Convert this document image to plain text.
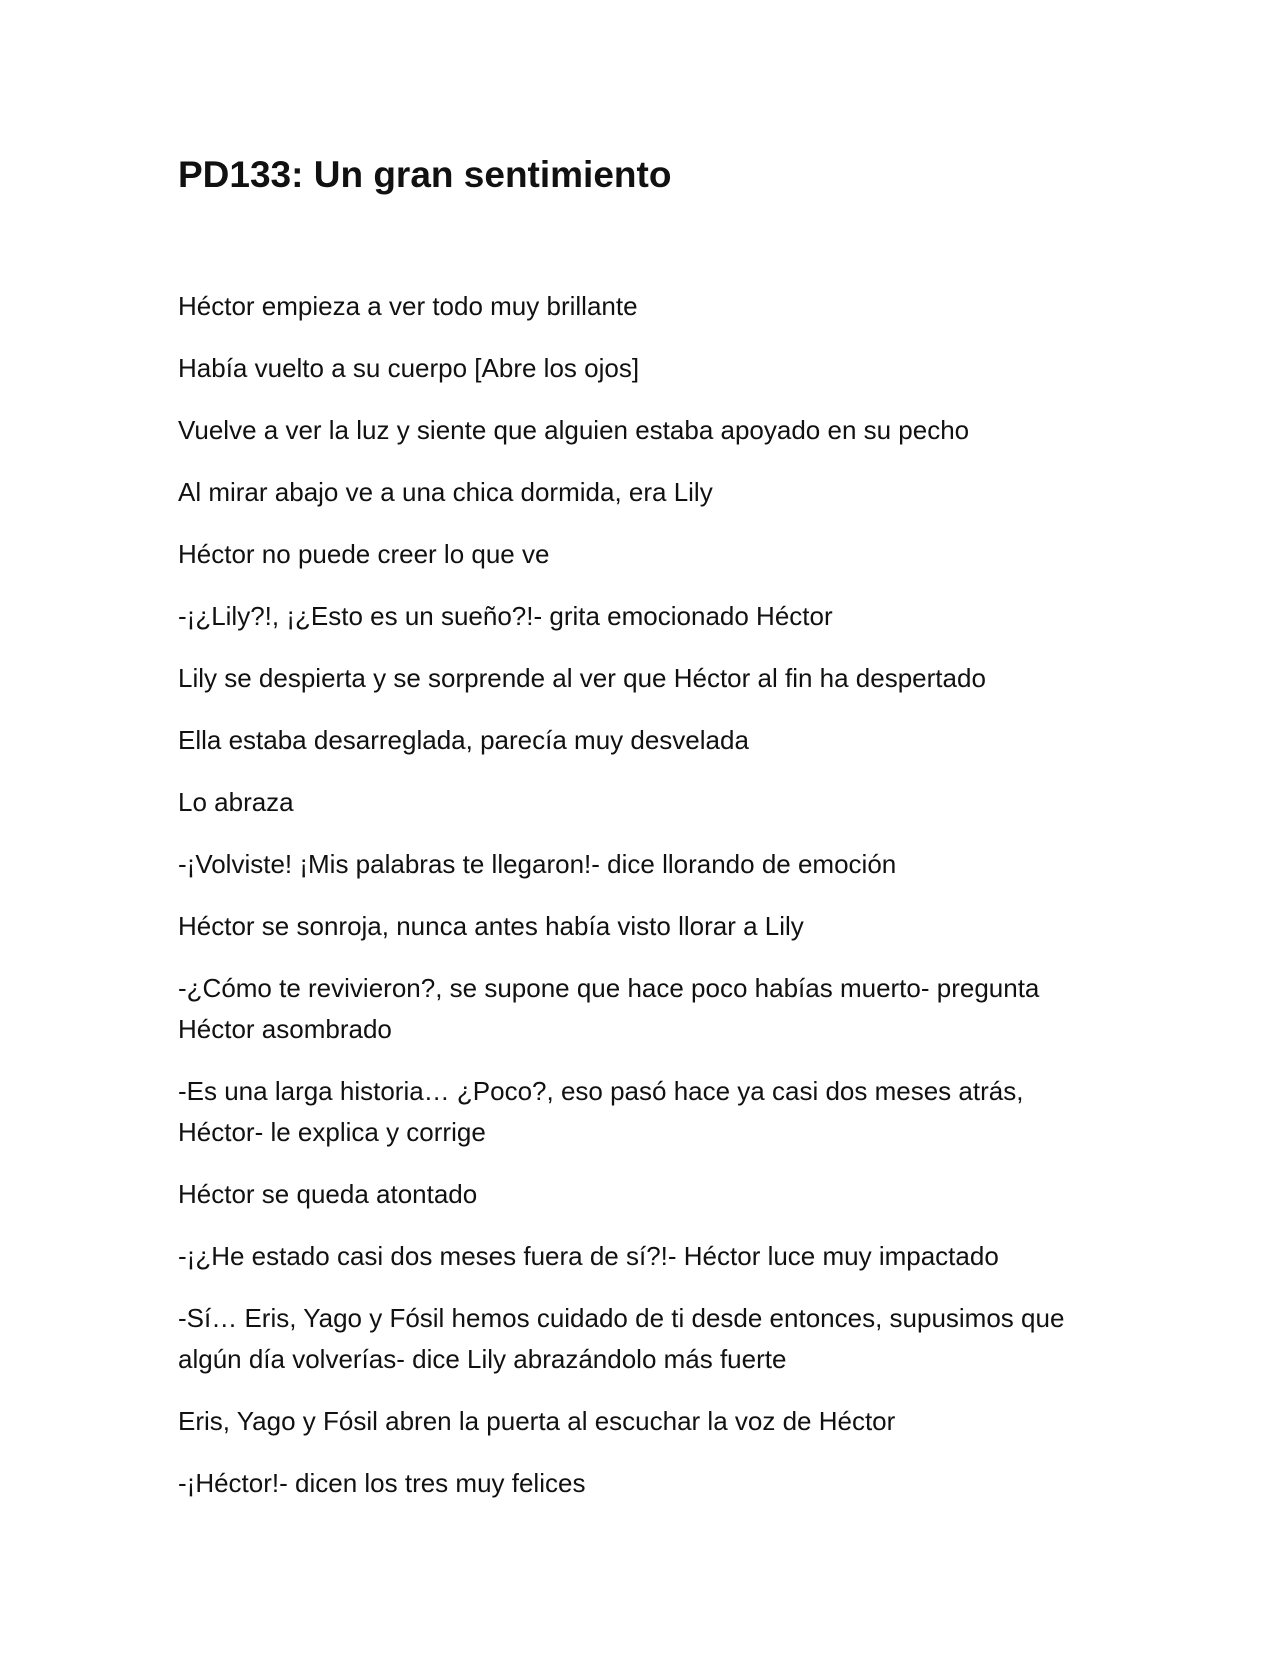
PD133: Un gran sentimiento

Héctor empieza a ver todo muy brillante

Había vuelto a su cuerpo [Abre los ojos]

Vuelve a ver la luz y siente que alguien estaba apoyado en su pecho

Al mirar abajo ve a una chica dormida, era Lily

Héctor no puede creer lo que ve

-¡¿Lily?!, ¡¿Esto es un sueño?!- grita emocionado Héctor

Lily se despierta y se sorprende al ver que Héctor al fin ha despertado

Ella estaba desarreglada, parecía muy desvelada

Lo abraza

-¡Volviste! ¡Mis palabras te llegaron!- dice llorando de emoción

Héctor se sonroja, nunca antes había visto llorar a Lily

-¿Cómo te revivieron?, se supone que hace poco habías muerto- pregunta Héctor asombrado

-Es una larga historia… ¿Poco?, eso pasó hace ya casi dos meses atrás, Héctor- le explica y corrige

Héctor se queda atontado

-¡¿He estado casi dos meses fuera de sí?!- Héctor luce muy impactado

-Sí… Eris, Yago y Fósil hemos cuidado de ti desde entonces, supusimos que algún día volverías- dice Lily abrazándolo más fuerte

Eris, Yago y Fósil abren la puerta al escuchar la voz de Héctor

-¡Héctor!- dicen los tres muy felices
